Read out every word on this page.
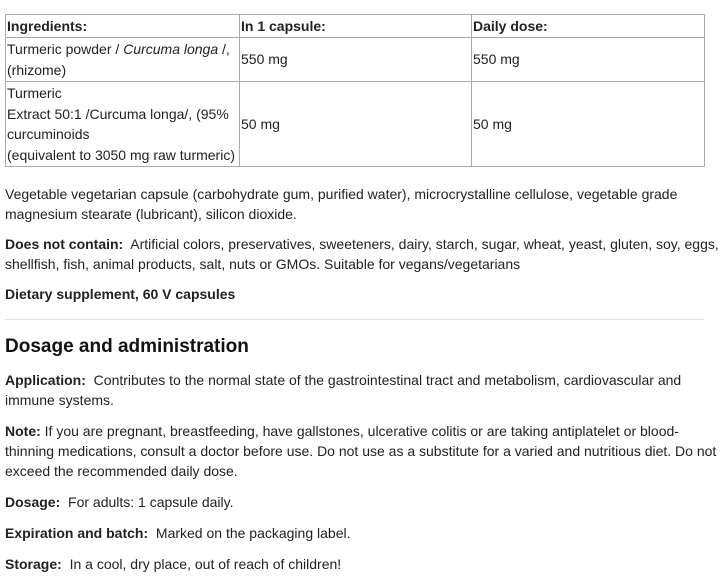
Ingredients:	In 1 capsule:	Daily dose:
Turmeric powder / Curcuma longa /, (rhizome)	550 mg	550 mg

Turmeric
Extract 50:1 /Curcuma longa/, (95% curcuminoids
(equivalent to 3050 mg raw turmeric)	50 mg	50 mg

Vegetable vegetarian capsule (carbohydrate gum, purified water), microcrystalline cellulose, vegetable grade magnesium stearate (lubricant), silicon dioxide.

Does not contain: Artificial colors, preservatives, sweeteners, dairy, starch, sugar, wheat, yeast, gluten, soy, eggs, shellfish, fish, animal products, salt, nuts or GMOs. Suitable for vegans/vegetarians

Dietary supplement, 60 V capsules

Dosage and administration

Application: Contributes to the normal state of the gastrointestinal tract and metabolism, cardiovascular and immune systems.

Note: If you are pregnant, breastfeeding, have gallstones, ulcerative colitis or are taking antiplatelet or blood-thinning medications, consult a doctor before use. Do not use as a substitute for a varied and nutritious diet. Do not exceed the recommended daily dose.

Dosage: For adults: 1 capsule daily.

Expiration and batch: Marked on the packaging label.

Storage: In a cool, dry place, out of reach of children!
